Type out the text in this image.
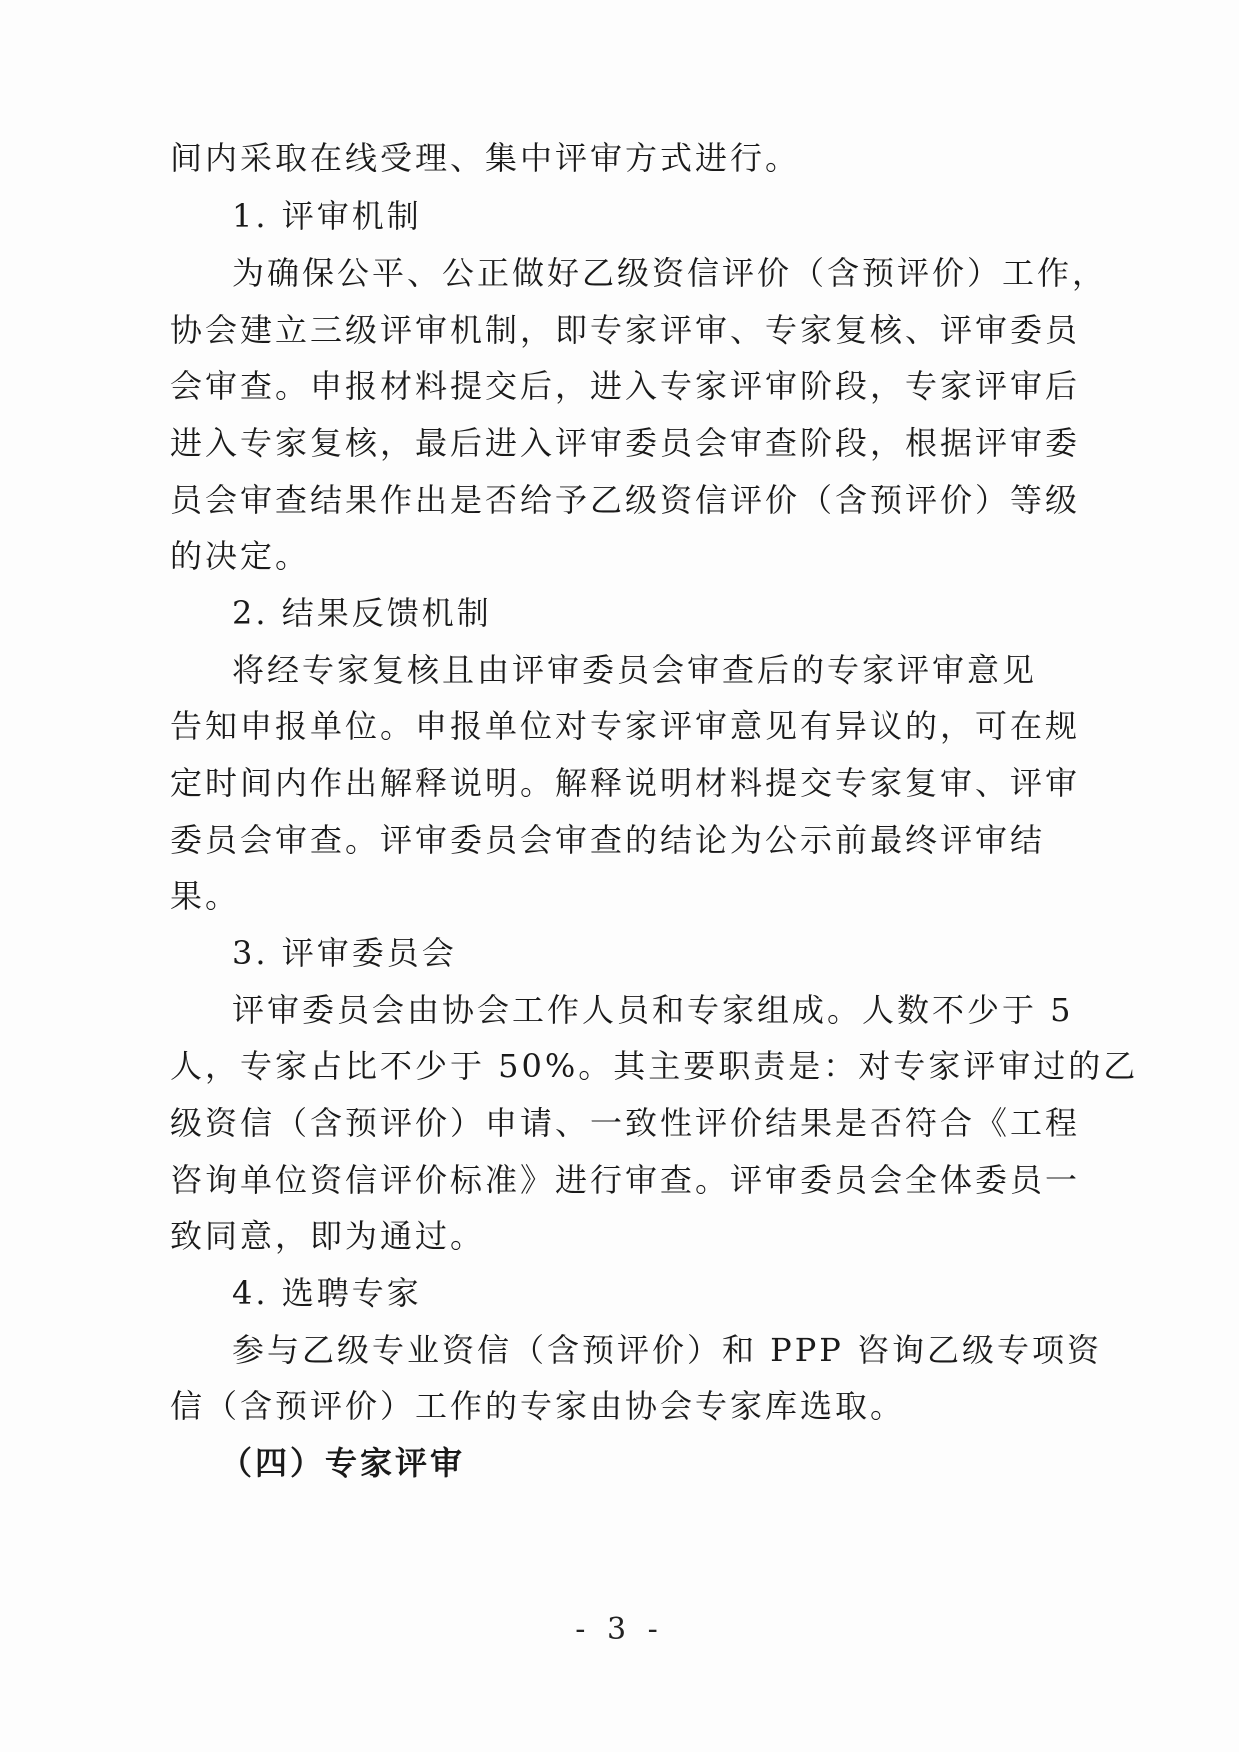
间内采取在线受理、集中评审方式进行。
1. 评审机制
为确保公平、公正做好乙级资信评价（含预评价）工作，
协会建立三级评审机制，即专家评审、专家复核、评审委员
会审查。申报材料提交后，进入专家评审阶段，专家评审后
进入专家复核，最后进入评审委员会审查阶段，根据评审委
员会审查结果作出是否给予乙级资信评价（含预评价）等级
的决定。
2. 结果反馈机制
将经专家复核且由评审委员会审查后的专家评审意见
告知申报单位。申报单位对专家评审意见有异议的，可在规
定时间内作出解释说明。解释说明材料提交专家复审、评审
委员会审查。评审委员会审查的结论为公示前最终评审结
果。
3. 评审委员会
评审委员会由协会工作人员和专家组成。人数不少于 5
人，专家占比不少于 50%。其主要职责是：对专家评审过的乙
级资信（含预评价）申请、一致性评价结果是否符合《工程
咨询单位资信评价标准》进行审查。评审委员会全体委员一
致同意，即为通过。
4. 选聘专家
参与乙级专业资信（含预评价）和 PPP 咨询乙级专项资
信（含预评价）工作的专家由协会专家库选取。
（四）专家评审
- 3 -
